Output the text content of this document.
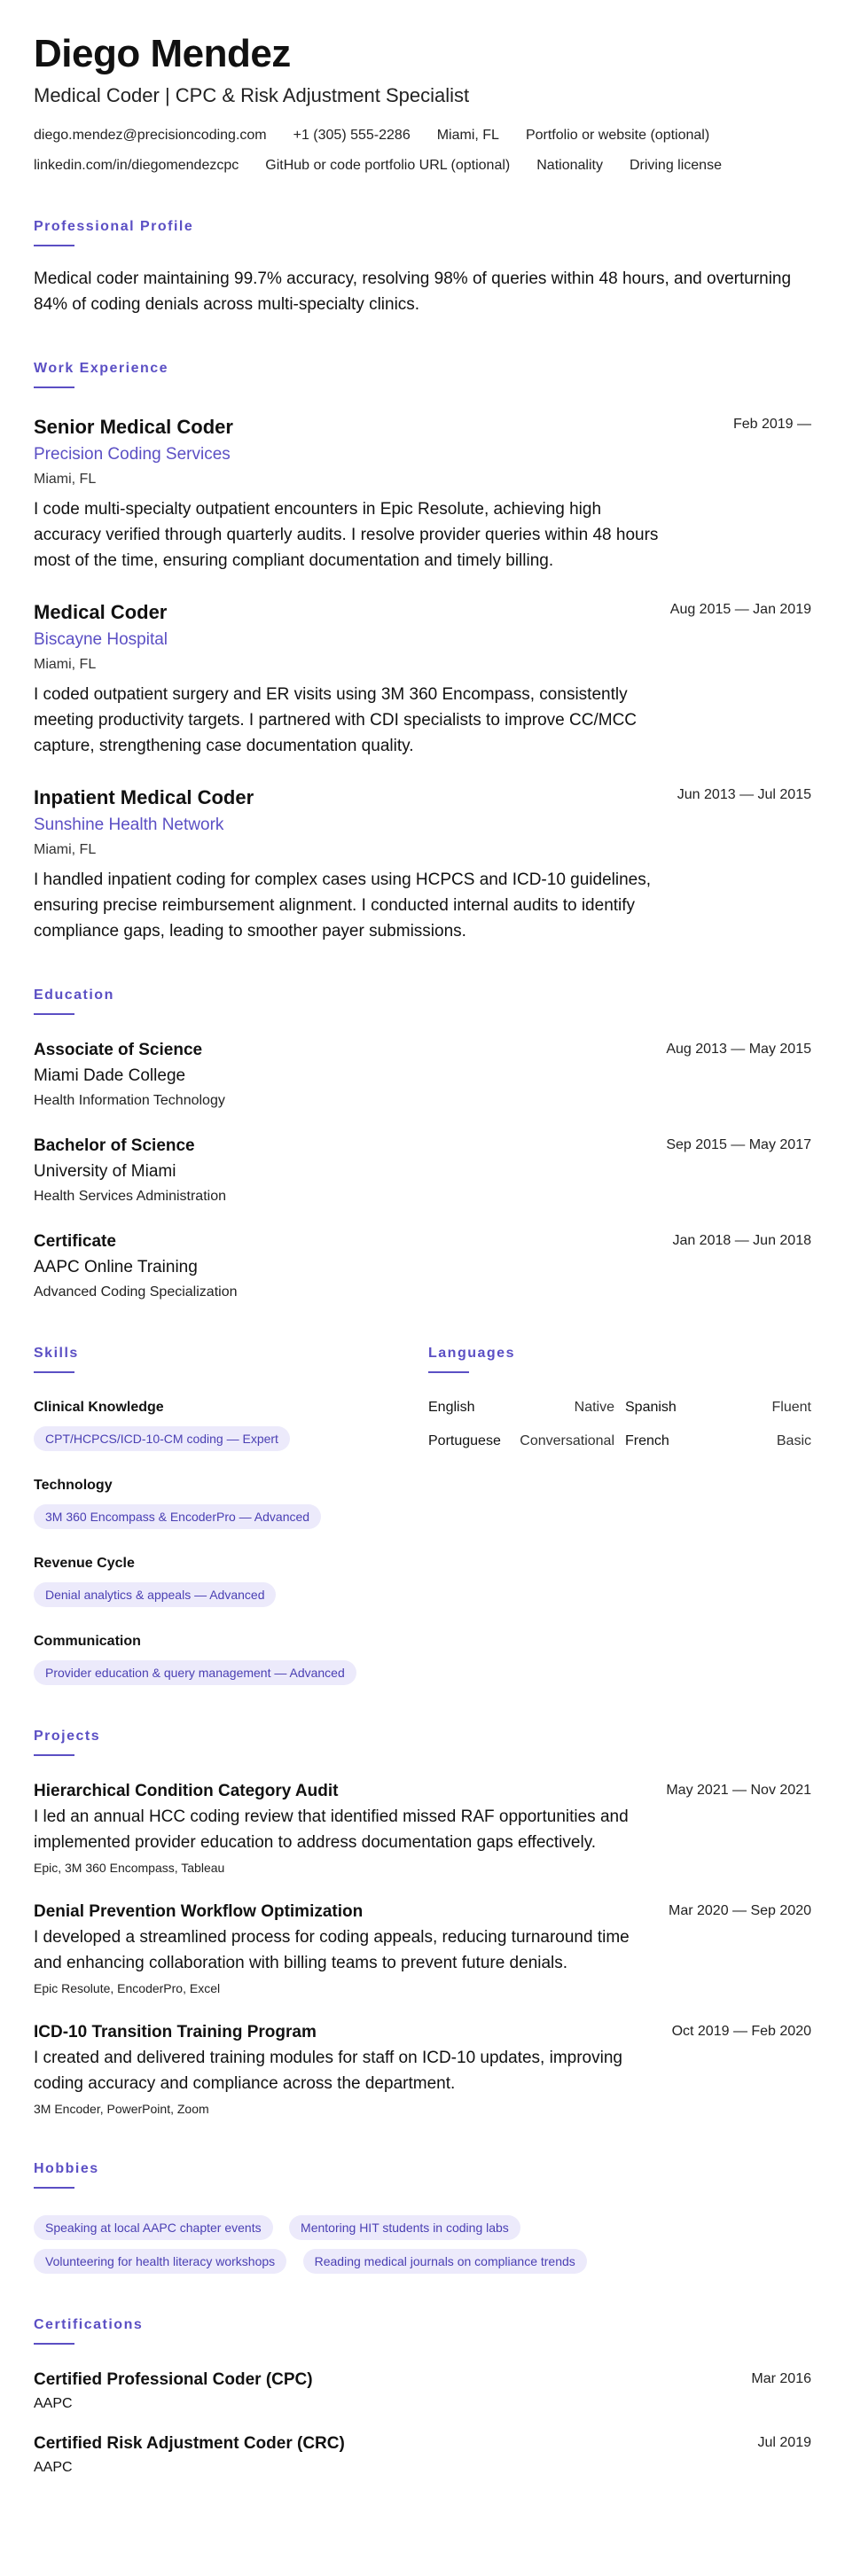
Diego Mendez
Medical Coder | CPC & Risk Adjustment Specialist
diego.mendez@precisioncoding.com +1 (305) 555-2286 Miami, FL Portfolio or website (optional)
linkedin.com/in/diegomendezcpc GitHub or code portfolio URL (optional) Nationality Driving license
Professional Profile

Medical coder maintaining 99.7% accuracy, resolving 98% of queries within 48 hours, and overturning 84% of coding denials across multi-specialty clinics.

Work Experience
Feb 2019 —
Senior Medical Coder
Precision Coding Services
Miami, FL

I code multi-specialty outpatient encounters in Epic Resolute, achieving high accuracy verified through quarterly audits. I resolve provider queries within 48 hours most of the time, ensuring compliant documentation and timely billing.

Aug 2015 — Jan 2019
Medical Coder
Biscayne Hospital
Miami, FL

I coded outpatient surgery and ER visits using 3M 360 Encompass, consistently meeting productivity targets. I partnered with CDI specialists to improve CC/MCC capture, strengthening case documentation quality.

Jun 2013 — Jul 2015
Inpatient Medical Coder
Sunshine Health Network
Miami, FL

I handled inpatient coding for complex cases using HCPCS and ICD-10 guidelines, ensuring precise reimbursement alignment. I conducted internal audits to identify compliance gaps, leading to smoother payer submissions.

Education
Aug 2013 — May 2015
Associate of Science
Miami Dade College
Health Information Technology
Sep 2015 — May 2017
Bachelor of Science
University of Miami
Health Services Administration
Jan 2018 — Jun 2018
Certificate
AAPC Online Training
Advanced Coding Specialization
Skills
Clinical Knowledge
CPT/HCPCS/ICD-10-CM coding — Expert
Technology
3M 360 Encompass & EncoderPro — Advanced
Revenue Cycle
Denial analytics & appeals — Advanced
Communication
Provider education & query management — Advanced
Languages
English	Native Spanish	Fluent
Portuguese Conversational French	Basic
Projects
May 2021 — Nov 2021
Hierarchical Condition Category Audit

I led an annual HCC coding review that identified missed RAF opportunities and implemented provider education to address documentation gaps effectively.

Epic, 3M 360 Encompass, Tableau
Mar 2020 — Sep 2020
Denial Prevention Workflow Optimization

I developed a streamlined process for coding appeals, reducing turnaround time and enhancing collaboration with billing teams to prevent future denials.

Epic Resolute, EncoderPro, Excel
Oct 2019 — Feb 2020
ICD-10 Transition Training Program

I created and delivered training modules for staff on ICD-10 updates, improving coding accuracy and compliance across the department.

3M Encoder, PowerPoint, Zoom
Hobbies
Speaking at local AAPC chapter events	Mentoring HIT students in coding labs Volunteering for health literacy workshops	Reading medical journals on compliance trends
Certifications
Mar 2016
Certified Professional Coder (CPC)
AAPC
Jul 2019
Certified Risk Adjustment Coder (CRC)
AAPC
